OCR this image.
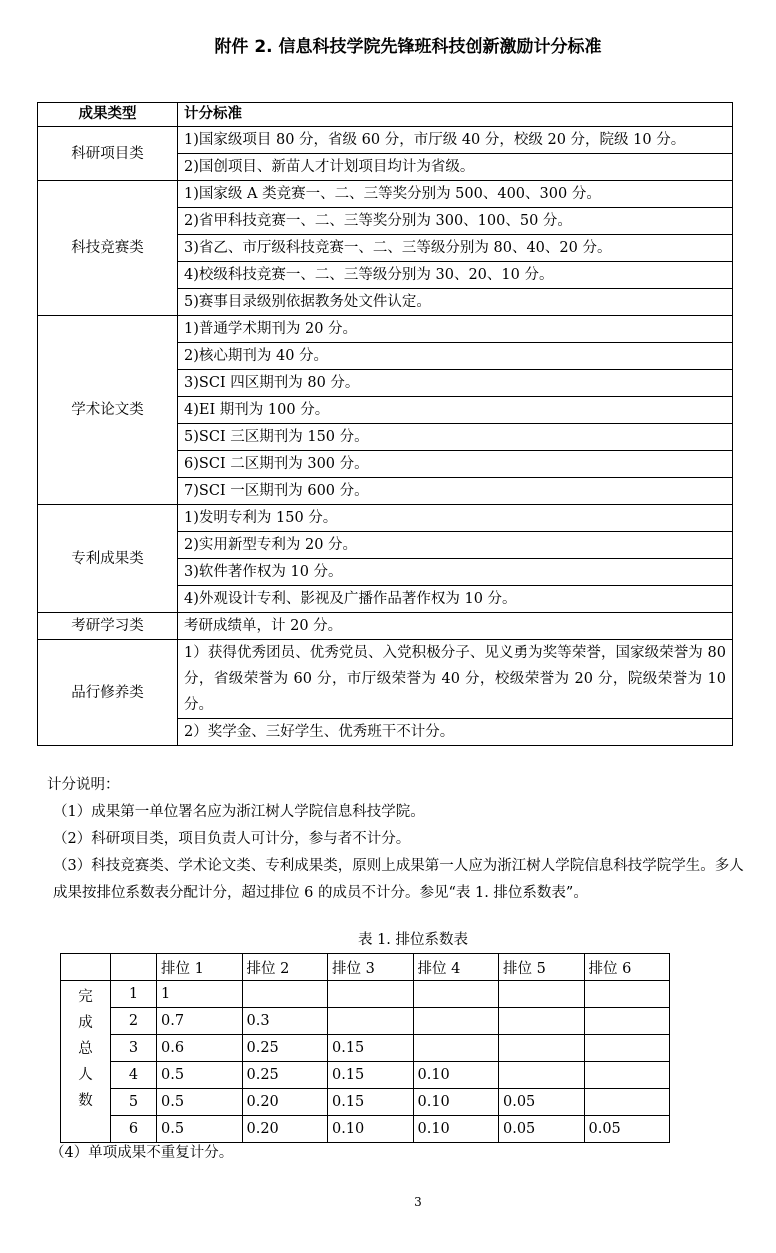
附件 2. 信息科技学院先锋班科技创新激励计分标准
成果类型	计分标准
科研项目类	1)国家级项目 80 分，省级 60 分，市厅级 40 分，校级 20 分，院级 10 分。
	2)国创项目、新苗人才计划项目均计为省级。
科技竞赛类	1)国家级 A 类竞赛一、二、三等奖分别为 500、400、300 分。
	2)省甲科技竞赛一、二、三等奖分别为 300、100、50 分。
	3)省乙、市厅级科技竞赛一、二、三等级分别为 80、40、20 分。
	4)校级科技竞赛一、二、三等级分别为 30、20、10 分。
	5)赛事目录级别依据教务处文件认定。
学术论文类	1)普通学术期刊为 20 分。
	2)核心期刊为 40 分。
	3)SCI 四区期刊为 80 分。
	4)EI 期刊为 100 分。
	5)SCI 三区期刊为 150 分。
	6)SCI 二区期刊为 300 分。
	7)SCI 一区期刊为 600 分。
专利成果类	1)发明专利为 150 分。
	2)实用新型专利为 20 分。
	3)软件著作权为 10 分。
	4)外观设计专利、影视及广播作品著作权为 10 分。
考研学习类	考研成绩单，计 20 分。
品行修养类	1）获得优秀团员、优秀党员、入党积极分子、见义勇为奖等荣誉，国家级荣誉为 80 分，省级荣誉为 60 分，市厅级荣誉为 40 分，校级荣誉为 20 分，院级荣誉为 10 分。
	2）奖学金、三好学生、优秀班干不计分。

计分说明：

（1）成果第一单位署名应为浙江树人学院信息科技学院。

（2）科研项目类，项目负责人可计分，参与者不计分。

（3）科技竞赛类、学术论文类、专利成果类，原则上成果第一人应为浙江树人学院信息科技学院学生。多人成果按排位系数表分配计分，超过排位 6 的成员不计分。参见“表 1. 排位系数表”。

表 1. 排位系数表
		排位 1	排位 2	排位 3	排位 4	排位 5	排位 6

完
成
总
人
数	1	1					
	2	0.7	0.3				
	3	0.6	0.25	0.15			
	4	0.5	0.25	0.15	0.10		
	5	0.5	0.20	0.15	0.10	0.05	
	6	0.5	0.20	0.10	0.10	0.05	0.05
（4）单项成果不重复计分。
3
